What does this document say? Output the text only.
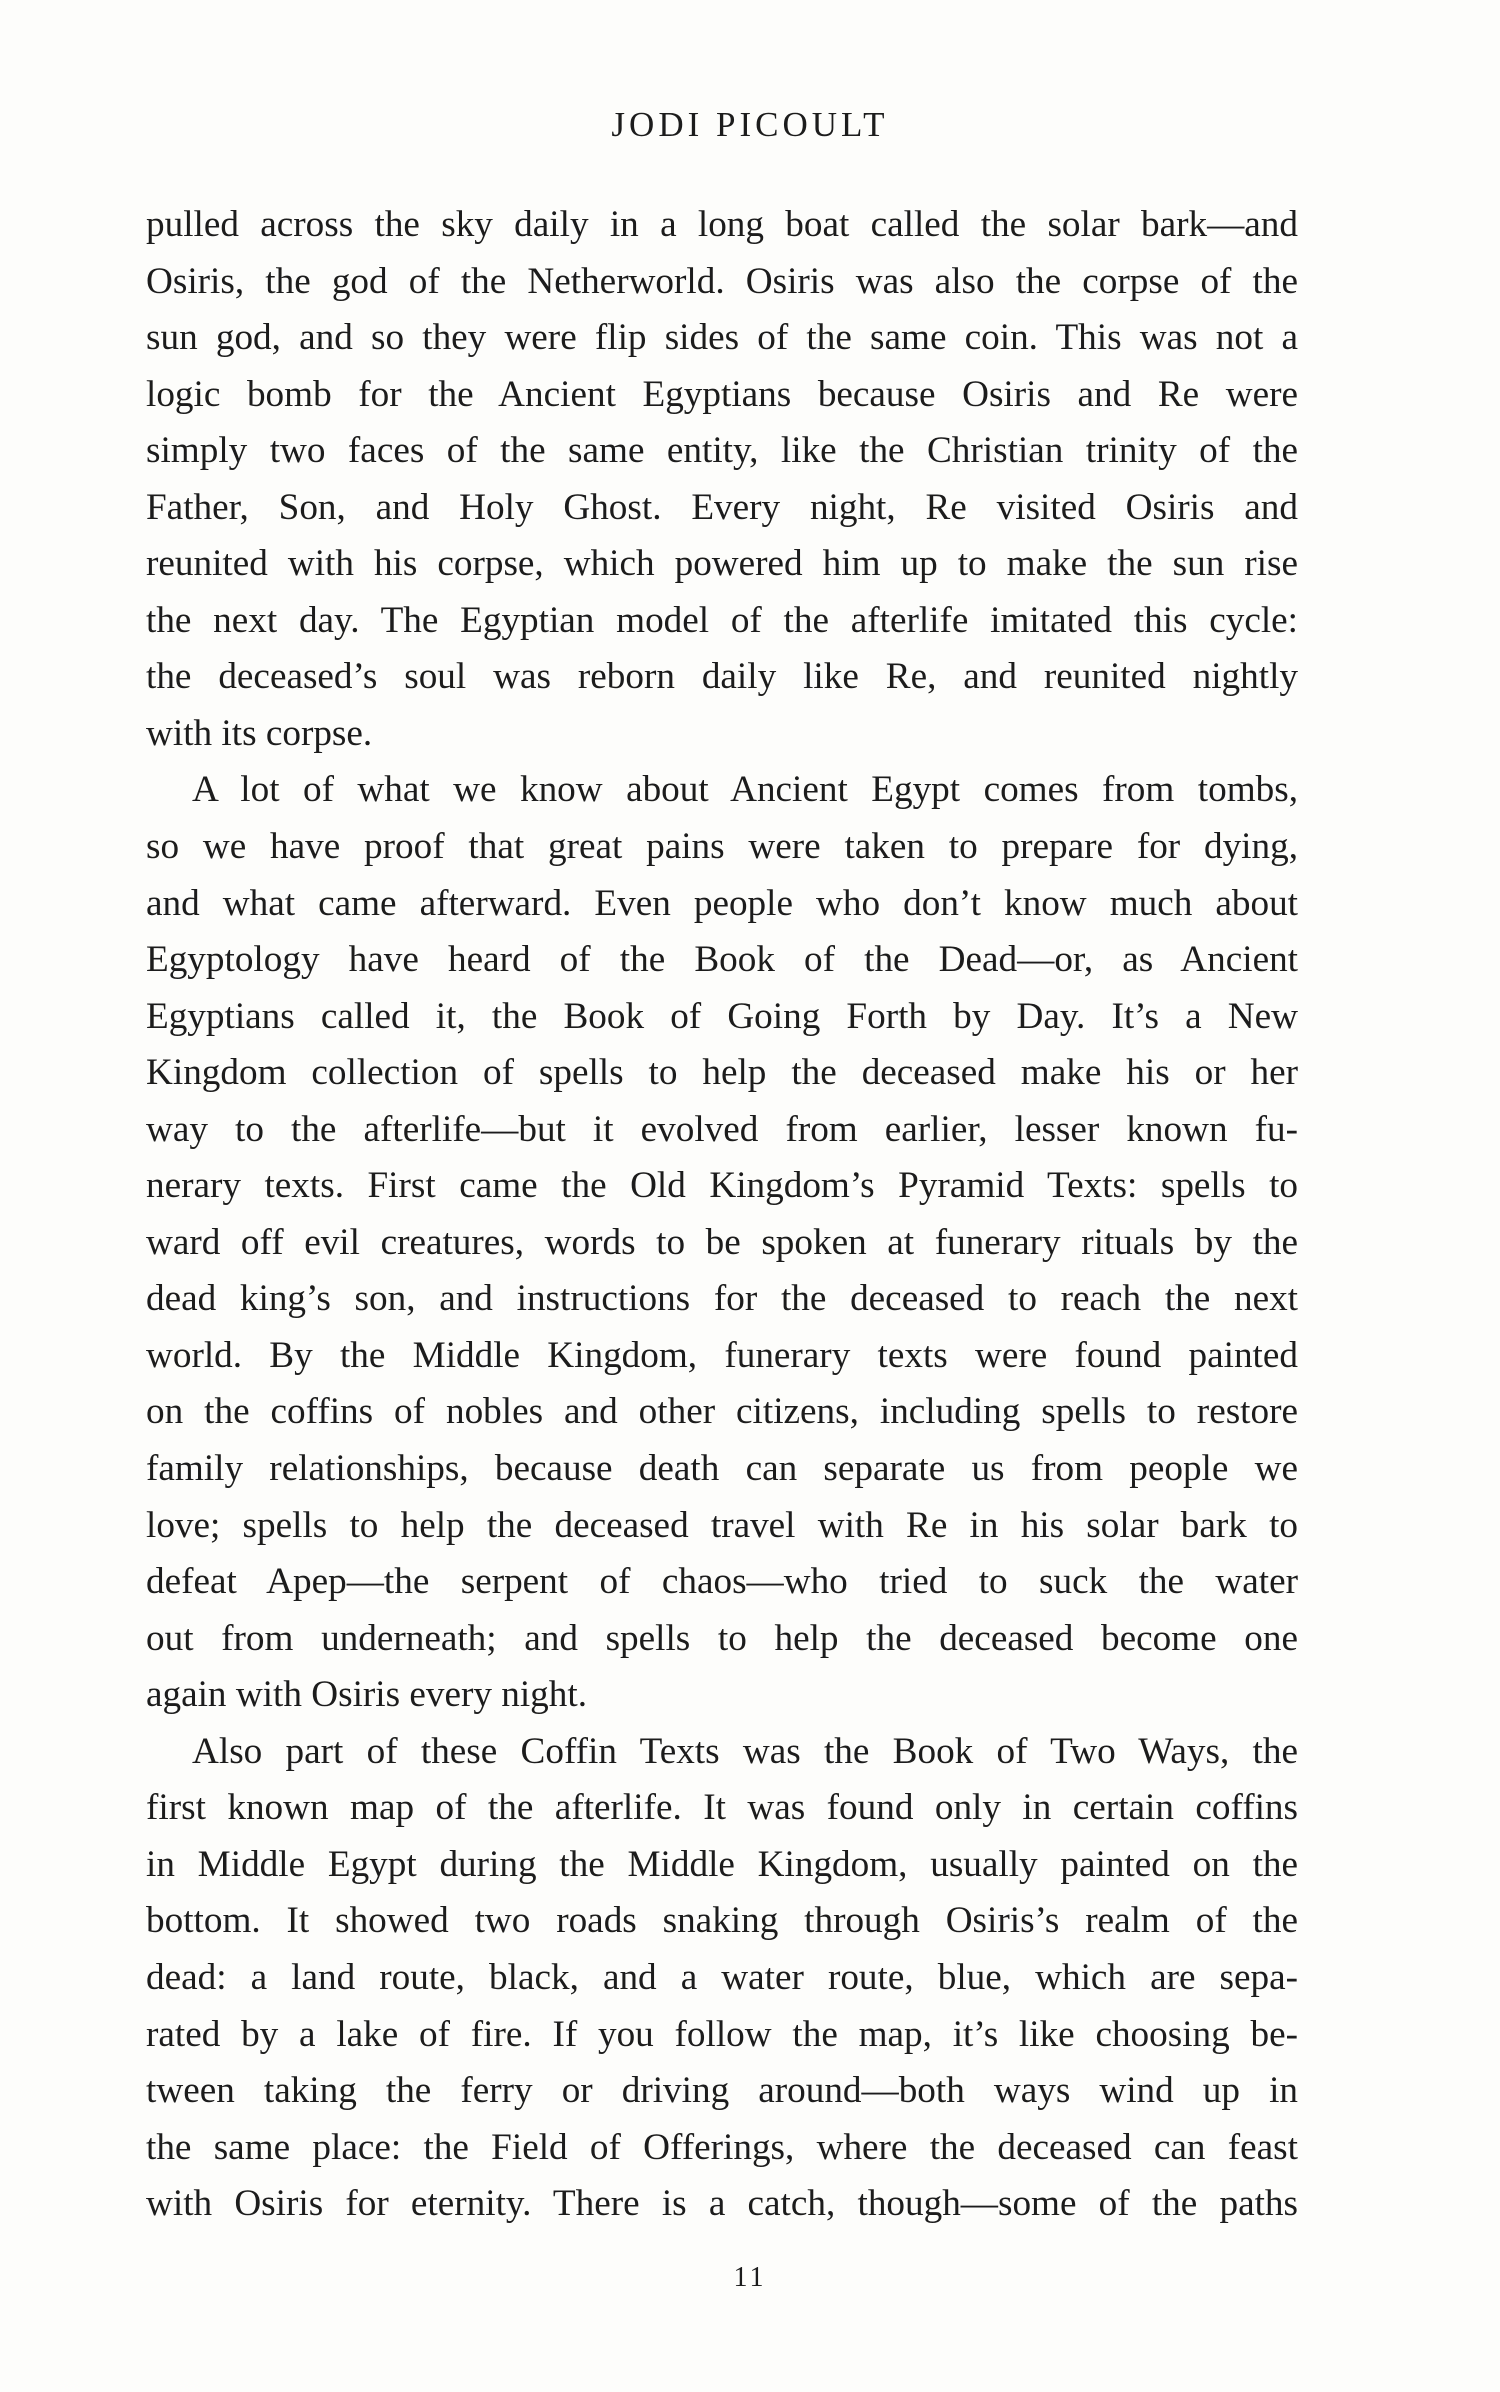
JODI PICOULT
pulled across the sky daily in a long boat called the solar bark—and
Osiris, the god of the Netherworld. Osiris was also the corpse of the
sun god, and so they were flip sides of the same coin. This was not a
logic bomb for the Ancient Egyptians because Osiris and Re were
simply two faces of the same entity, like the Christian trinity of the
Father, Son, and Holy Ghost. Every night, Re visited Osiris and
reunited with his corpse, which powered him up to make the sun rise
the next day. The Egyptian model of the afterlife imitated this cycle:
the deceased’s soul was reborn daily like Re, and reunited nightly
with its corpse.
A lot of what we know about Ancient Egypt comes from tombs,
so we have proof that great pains were taken to prepare for dying,
and what came afterward. Even people who don’t know much about
Egyptology have heard of the Book of the Dead—or, as Ancient
Egyptians called it, the Book of Going Forth by Day. It’s a New
Kingdom collection of spells to help the deceased make his or her
way to the afterlife—but it evolved from earlier, lesser known fu-
nerary texts. First came the Old Kingdom’s Pyramid Texts: spells to
ward off evil creatures, words to be spoken at funerary rituals by the
dead king’s son, and instructions for the deceased to reach the next
world. By the Middle Kingdom, funerary texts were found painted
on the coffins of nobles and other citizens, including spells to restore
family relationships, because death can separate us from people we
love; spells to help the deceased travel with Re in his solar bark to
defeat Apep—the serpent of chaos—who tried to suck the water
out from underneath; and spells to help the deceased become one
again with Osiris every night.
Also part of these Coffin Texts was the Book of Two Ways, the
first known map of the afterlife. It was found only in certain coffins
in Middle Egypt during the Middle Kingdom, usually painted on the
bottom. It showed two roads snaking through Osiris’s realm of the
dead: a land route, black, and a water route, blue, which are sepa-
rated by a lake of fire. If you follow the map, it’s like choosing be-
tween taking the ferry or driving around—both ways wind up in
the same place: the Field of Offerings, where the deceased can feast
with Osiris for eternity. There is a catch, though—some of the paths
11
